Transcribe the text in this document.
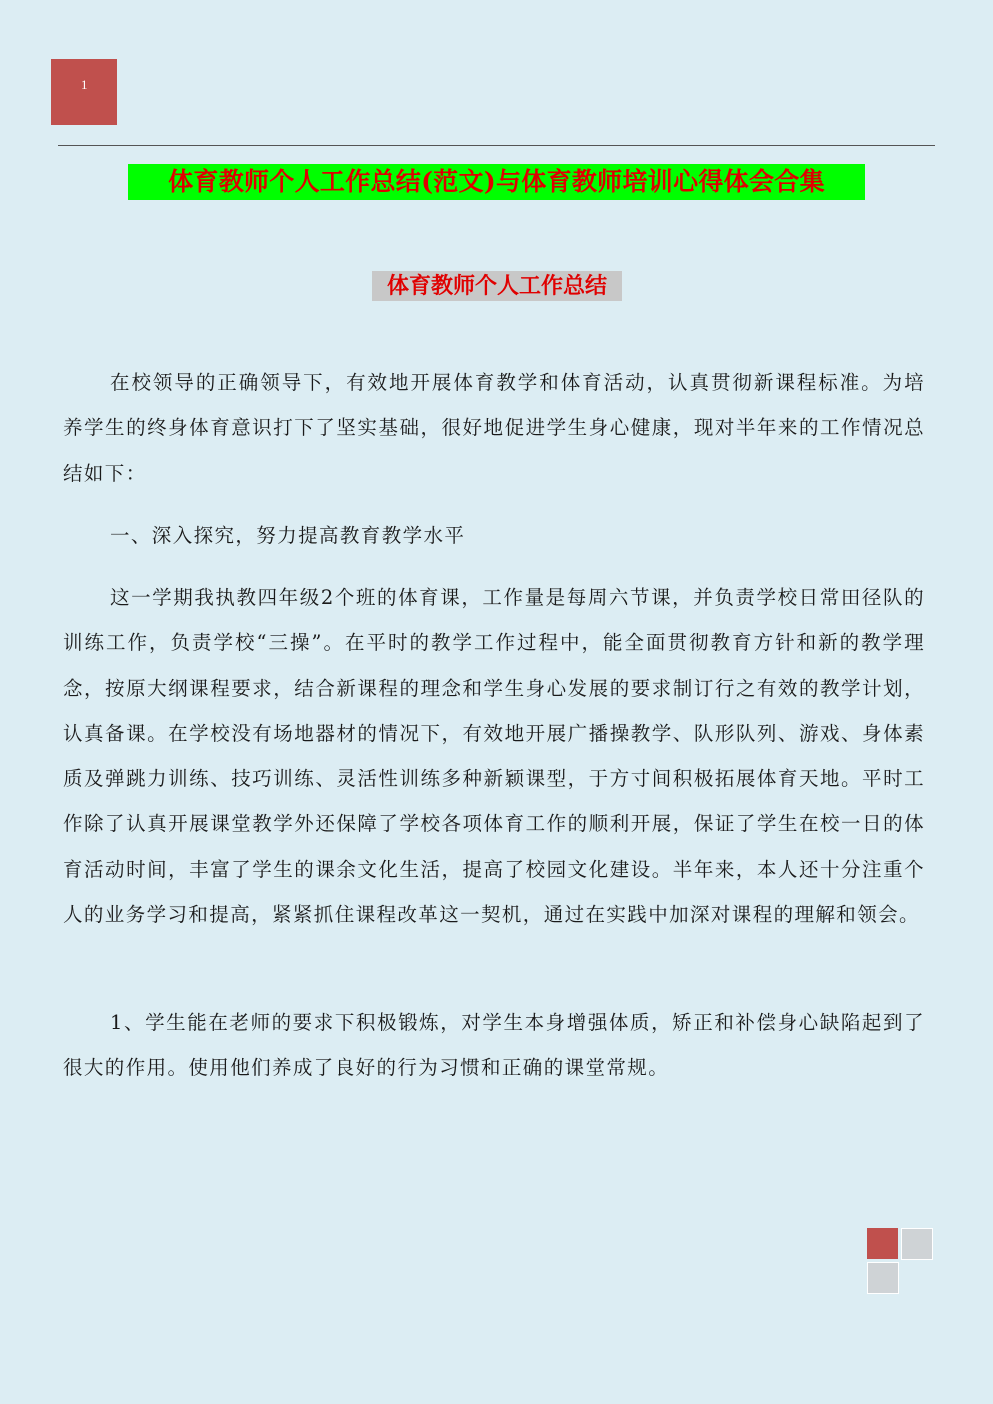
1
体育教师个人工作总结(范文)与体育教师培训心得体会合集
体育教师个人工作总结

在校领导的正确领导下，有效地开展体育教学和体育活动，认真贯彻新课程标准。为培养学生的终身体育意识打下了坚实基础，很好地促进学生身心健康，现对半年来的工作情况总结如下：

一、深入探究，努力提高教育教学水平

这一学期我执教四年级2个班的体育课，工作量是每周六节课，并负责学校日常田径队的训练工作，负责学校“三操”。在平时的教学工作过程中，能全面贯彻教育方针和新的教学理念，按原大纲课程要求，结合新课程的理念和学生身心发展的要求制订行之有效的教学计划，认真备课。在学校没有场地器材的情况下，有效地开展广播操教学、队形队列、游戏、身体素质及弹跳力训练、技巧训练、灵活性训练多种新颖课型，于方寸间积极拓展体育天地。平时工作除了认真开展课堂教学外还保障了学校各项体育工作的顺利开展，保证了学生在校一日的体育活动时间，丰富了学生的课余文化生活，提高了校园文化建设。半年来，本人还十分注重个人的业务学习和提高，紧紧抓住课程改革这一契机，通过在实践中加深对课程的理解和领会。

1、学生能在老师的要求下积极锻炼，对学生本身增强体质，矫正和补偿身心缺陷起到了很大的作用。使用他们养成了良好的行为习惯和正确的课堂常规。
